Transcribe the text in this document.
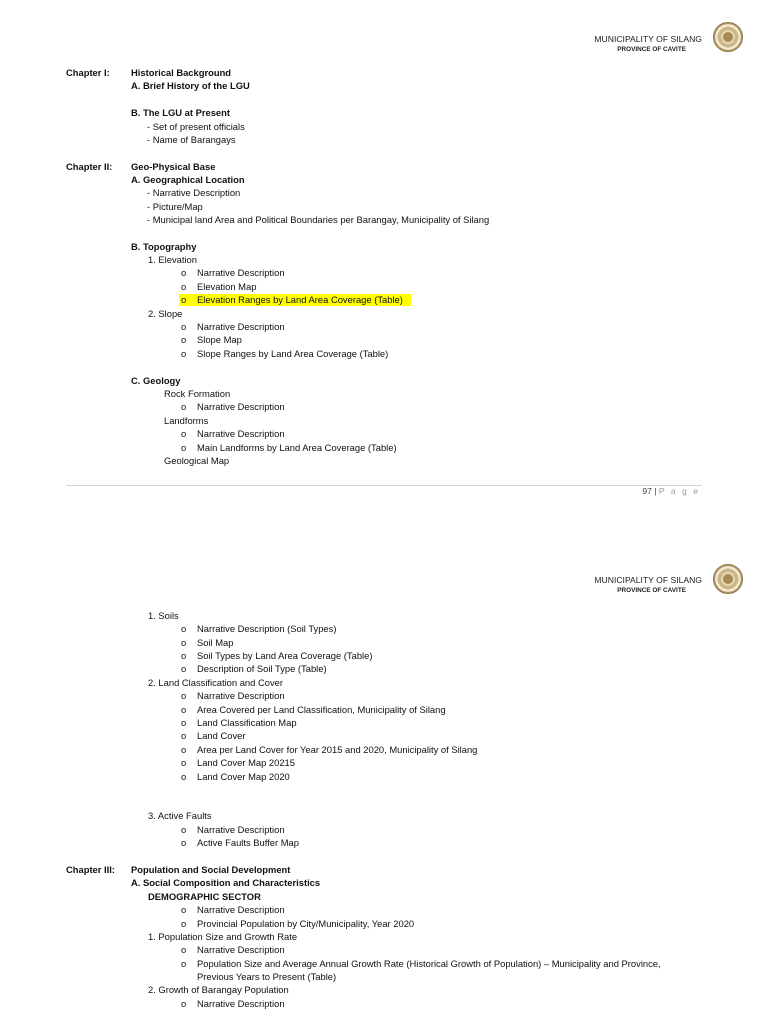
MUNICIPALITY OF SILANG
PROVINCE OF CAVITE
Chapter I: Historical Background
A. Brief History of the LGU
B. The LGU at Present
- Set of present officials
- Name of Barangays
Chapter II: Geo-Physical Base
A. Geographical Location
- Narrative Description
- Picture/Map
- Municipal land Area and Political Boundaries per Barangay, Municipality of Silang
B. Topography
1. Elevation
o Narrative Description
o Elevation Map
o Elevation Ranges by Land Area Coverage (Table)
2. Slope
o Narrative Description
o Slope Map
o Slope Ranges by Land Area Coverage (Table)
C. Geology
Rock Formation
o Narrative Description
Landforms
o Narrative Description
o Main Landforms by Land Area Coverage (Table)
Geological Map
97 | P a g e
MUNICIPALITY OF SILANG
PROVINCE OF CAVITE
1. Soils
o Narrative Description (Soil Types)
o Soil Map
o Soil Types by Land Area Coverage (Table)
o Description of Soil Type (Table)
2. Land Classification and Cover
o Narrative Description
o Area Covered per Land Classification, Municipality of Silang
o Land Classification Map
o Land Cover
o Area per Land Cover for Year 2015 and 2020, Municipality of Silang
o Land Cover Map 20215
o Land Cover Map 2020
3. Active Faults
o Narrative Description
o Active Faults Buffer Map
Chapter III: Population and Social Development
A. Social Composition and Characteristics
DEMOGRAPHIC SECTOR
o Narrative Description
o Provincial Population by City/Municipality, Year 2020
1. Population Size and Growth Rate
o Narrative Description
o Population Size and Average Annual Growth Rate (Historical Growth of Population) – Municipality and Province,
Previous Years to Present (Table)
2. Growth of Barangay Population
o Narrative Description
